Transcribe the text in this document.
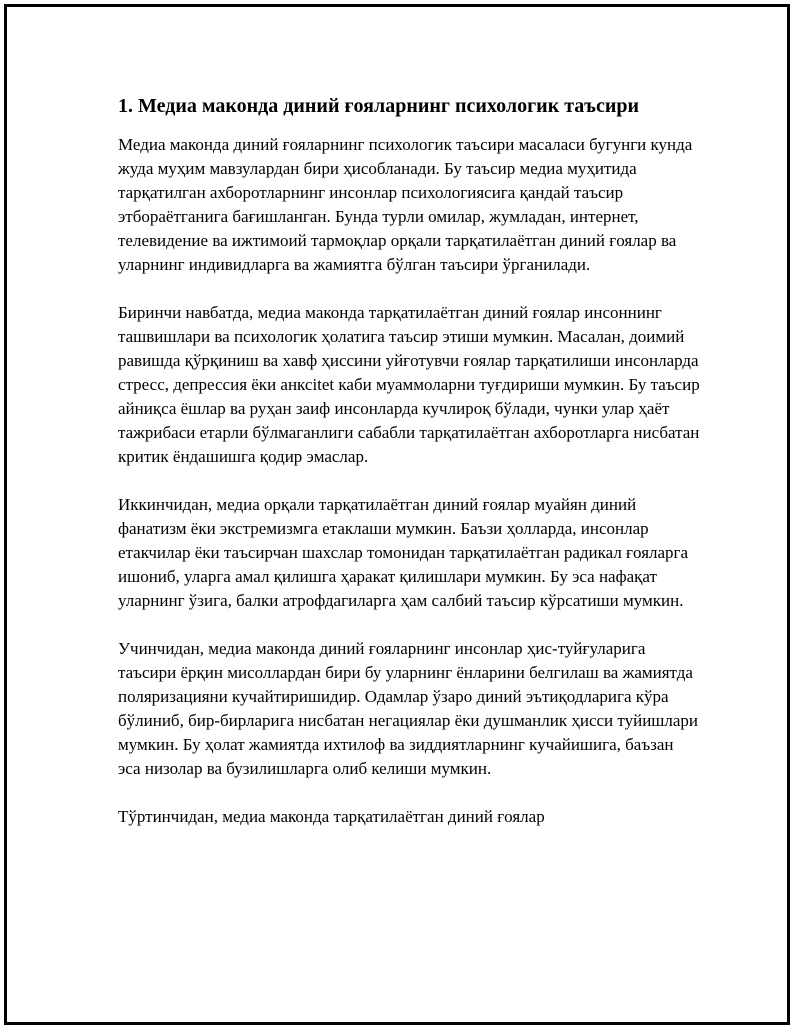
1. Медиа маконда диний ғояларнинг психологик таъсири

Медиа маконда диний ғояларнинг психологик таъсири масаласи бугунги кунда жуда муҳим мавзулардан бири ҳисобланади. Бу таъсир медиа муҳитида тарқатилган ахборотларнинг инсонлар психологиясига қандай таъсир этбораётганига бағишланган. Бунда турли омилар, жумладан, интернет, телевидение ва ижтимоий тармоқлар орқали тарқатилаётган диний ғоялар ва уларнинг индивидларга ва жамиятга бўлган таъсири ўрганилади.

Биринчи навбатда, медиа маконда тарқатилаётган диний ғоялар инсоннинг ташвишлари ва психологик ҳолатига таъсир этиши мумкин. Масалан, доимий равишда қўрқиниш ва хавф ҳиссини уйғотувчи ғоялар тарқатилиши инсонларда стресс, депрессия ёки анксitet каби муаммоларни туғдириши мумкин. Бу таъсир айниқса ёшлар ва руҳан заиф инсонларда кучлироқ бўлади, чунки улар ҳаёт тажрибаси етарли бўлмаганлиги сабабли тарқатилаётган ахборотларга нисбатан критик ёндашишга қодир эмаслар.

Иккинчидан, медиа орқали тарқатилаётган диний ғоялар муайян диний фанатизм ёки экстремизмга етаклаши мумкин. Баъзи ҳолларда, инсонлар етакчилар ёки таъсирчан шахслар томонидан тарқатилаётган радикал ғояларга ишониб, уларга амал қилишга ҳаракат қилишлари мумкин. Бу эса нафақат уларнинг ўзига, балки атрофдагиларга ҳам салбий таъсир кўрсатиши мумкин.

Учинчидан, медиа маконда диний ғояларнинг инсонлар ҳис-туйғуларига таъсири ёрқин мисоллардан бири бу уларнинг ёнларини белгилаш ва жамиятда поляризацияни кучайтиришидир. Одамлар ўзаро диний эътиқодларига кўра бўлиниб, бир-бирларига нисбатан негациялар ёки душманлик ҳисси туйишлари мумкин. Бу ҳолат жамиятда ихтилоф ва зиддиятларнинг кучайишига, баъзан эса низолар ва бузилишларга олиб келиши мумкин.

Тўртинчидан, медиа маконда тарқатилаётган диний ғоялар
